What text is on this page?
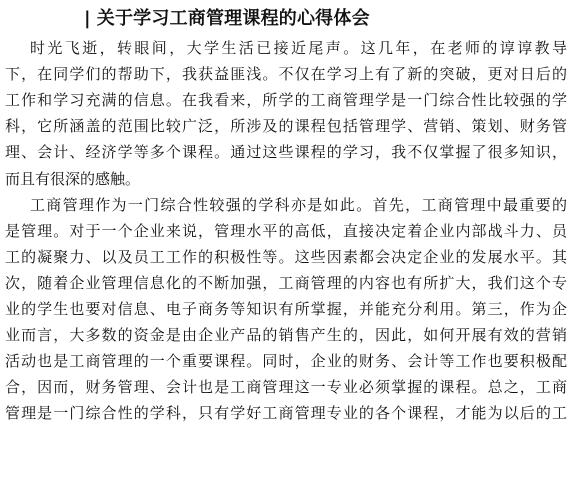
| 关于学习工商管理课程的心得体会
时光飞逝，转眼间，大学生活已接近尾声。这几年，在老师的谆谆教导
下，在同学们的帮助下，我获益匪浅。不仅在学习上有了新的突破，更对日后的
工作和学习充满的信息。在我看来，所学的工商管理学是一门综合性比较强的学
科，它所涵盖的范围比较广泛，所涉及的课程包括管理学、营销、策划、财务管
理、会计、经济学等多个课程。通过这些课程的学习，我不仅掌握了很多知识，
而且有很深的感触。
工商管理作为一门综合性较强的学科亦是如此。首先，工商管理中最重要的
是管理。对于一个企业来说，管理水平的高低，直接决定着企业内部战斗力、员
工的凝聚力、以及员工工作的积极性等。这些因素都会决定企业的发展水平。其
次，随着企业管理信息化的不断加强，工商管理的内容也有所扩大，我们这个专
业的学生也要对信息、电子商务等知识有所掌握，并能充分利用。第三，作为企
业而言，大多数的资金是由企业产品的销售产生的，因此，如何开展有效的营销
活动也是工商管理的一个重要课程。同时，企业的财务、会计等工作也要积极配
合，因而，财务管理、会计也是工商管理这一专业必须掌握的课程。总之，工商
管理是一门综合性的学科，只有学好工商管理专业的各个课程，才能为以后的工
